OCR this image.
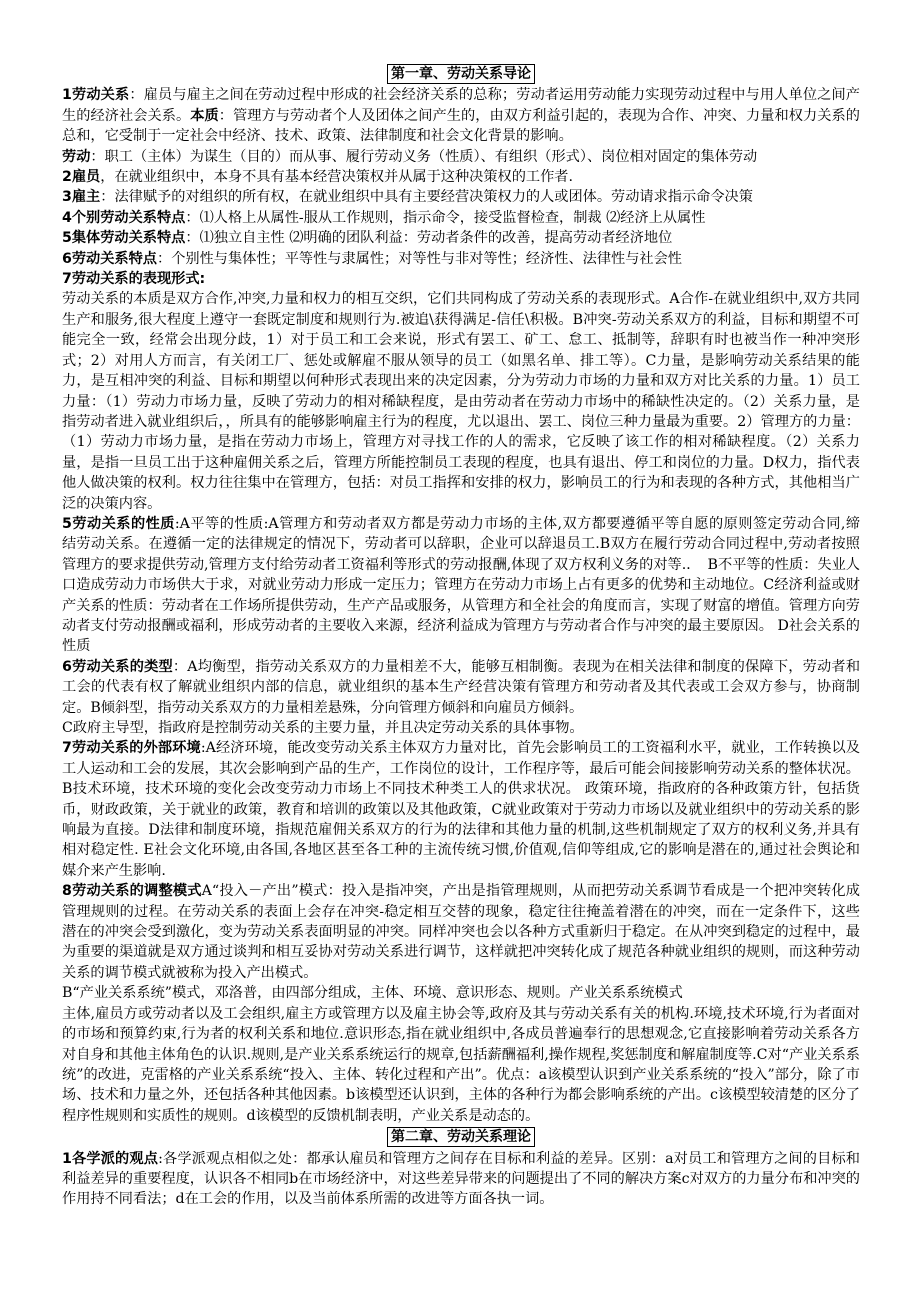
第一章、劳动关系导论

1劳动关系：雇员与雇主之间在劳动过程中形成的社会经济关系的总称；劳动者运用劳动能力实现劳动过程中与用人单位之间产生的经济社会关系。本质：管理方与劳动者个人及团体之间产生的，由双方利益引起的，表现为合作、冲突、力量和权力关系的总和，它受制于一定社会中经济、技术、政策、法律制度和社会文化背景的影响。

劳动：职工（主体）为谋生（目的）而从事、履行劳动义务（性质）、有组织（形式）、岗位相对固定的集体劳动

2雇员，在就业组织中，本身不具有基本经营决策权并从属于这种决策权的工作者.

3雇主：法律赋予的对组织的所有权，在就业组织中具有主要经营决策权力的人或团体。劳动请求指示命令决策

4个别劳动关系特点：⑴人格上从属性-服从工作规则，指示命令，接受监督检查，制裁 ⑵经济上从属性

5集体劳动关系特点：⑴独立自主性 ⑵明确的团队利益：劳动者条件的改善，提高劳动者经济地位

6劳动关系特点：个别性与集体性；平等性与隶属性；对等性与非对等性；经济性、法律性与社会性

7劳动关系的表现形式:

劳动关系的本质是双方合作,冲突,力量和权力的相互交织，它们共同构成了劳动关系的表现形式。A合作-在就业组织中,双方共同生产和服务,很大程度上遵守一套既定制度和规则行为.被追\获得满足-信任\积极。B冲突-劳动关系双方的利益，目标和期望不可能完全一致，经常会出现分歧，1）对于员工和工会来说，形式有罢工、矿工、怠工、抵制等，辞职有时也被当作一种冲突形式；2）对用人方而言，有关闭工厂、惩处或解雇不服从领导的员工（如黑名单、排工等）。C力量，是影响劳动关系结果的能力，是互相冲突的利益、目标和期望以何种形式表现出来的决定因素，分为劳动力市场的力量和双方对比关系的力量。1）员工力量：（1）劳动力市场力量，反映了劳动力的相对稀缺程度，是由劳动者在劳动力市场中的稀缺性决定的。（2）关系力量，是指劳动者进入就业组织后，，所具有的能够影响雇主行为的程度，尤以退出、罢工、岗位三种力量最为重要。2）管理方的力量：（1）劳动力市场力量，是指在劳动力市场上，管理方对寻找工作的人的需求，它反映了该工作的相对稀缺程度。（2）关系力量，是指一旦员工出于这种雇佣关系之后，管理方所能控制员工表现的程度，也具有退出、停工和岗位的力量。D权力，指代表他人做决策的权利。权力往往集中在管理方，包括：对员工指挥和安排的权力，影响员工的行为和表现的各种方式，其他相当广泛的决策内容。

5劳动关系的性质:A平等的性质:A管理方和劳动者双方都是劳动力市场的主体,双方都要遵循平等自愿的原则签定劳动合同,缔　结劳动关系。在遵循一定的法律规定的情况下，劳动者可以辞职，企业可以辞退员工.B双方在履行劳动合同过程中,劳动者按照管理方的要求提供劳动,管理方支付给劳动者工资福利等形式的劳动报酬,体现了双方权利义务的对等.．　B不平等的性质：失业人口造成劳动力市场供大于求，对就业劳动力形成一定压力；管理方在劳动力市场上占有更多的优势和主动地位。C经济利益或财产关系的性质：劳动者在工作场所提供劳动，生产产品或服务，从管理方和全社会的角度而言，实现了财富的增值。管理方向劳动者支付劳动报酬或福利，形成劳动者的主要收入来源，经济利益成为管理方与劳动者合作与冲突的最主要原因。 D社会关系的性质

6劳动关系的类型：A均衡型，指劳动关系双方的力量相差不大，能够互相制衡。表现为在相关法律和制度的保障下，劳动者和工会的代表有权了解就业组织内部的信息，就业组织的基本生产经营决策有管理方和劳动者及其代表或工会双方参与，协商制定。B倾斜型，指劳动关系双方的力量相差悬殊，分向管理方倾斜和向雇员方倾斜。

C政府主导型，指政府是控制劳动关系的主要力量，并且决定劳动关系的具体事物。

7劳动关系的外部环境:A经济环境，能改变劳动关系主体双方力量对比，首先会影响员工的工资福利水平，就业，工作转换以及工人运动和工会的发展，其次会影响到产品的生产，工作岗位的设计，工作程序等，最后可能会间接影响劳动关系的整体状况。 B技术环境，技术环境的变化会改变劳动力市场上不同技术种类工人的供求状况。 政策环境，指政府的各种政策方针，包括货币，财政政策，关于就业的政策，教育和培训的政策以及其他政策，C就业政策对于劳动力市场以及就业组织中的劳动关系的影响最为直接。D法律和制度环境，指规范雇佣关系双方的行为的法律和其他力量的机制,这些机制规定了双方的权利义务,并具有相对稳定性. E社会文化环境,由各国,各地区甚至各工种的主流传统习惯,价值观,信仰等组成,它的影响是潜在的,通过社会舆论和媒介来产生影响.

8劳动关系的调整模式A“投入－产出”模式：投入是指冲突，产出是指管理规则，从而把劳动关系调节看成是一个把冲突转化成管理规则的过程。在劳动关系的表面上会存在冲突-稳定相互交替的现象，稳定往往掩盖着潜在的冲突，而在一定条件下，这些潜在的冲突会受到激化，变为劳动关系表面明显的冲突。同样冲突也会以各种方式重新归于稳定。在从冲突到稳定的过程中，最为重要的渠道就是双方通过谈判和相互妥协对劳动关系进行调节，这样就把冲突转化成了规范各种就业组织的规则，而这种劳动关系的调节模式就被称为投入产出模式。

B“产业关系系统”模式，邓洛普，由四部分组成，主体、环境、意识形态、规则。产业关系系统模式

主体,雇员方或劳动者以及工会组织,雇主方或管理方以及雇主协会等,政府及其与劳动关系有关的机构.环境,技术环境,行为者面对的市场和预算约束,行为者的权利关系和地位.意识形态,指在就业组织中,各成员普遍奉行的思想观念,它直接影响着劳动关系各方对自身和其他主体角色的认识.规则,是产业关系系统运行的规章,包括薪酬福利,操作规程,奖惩制度和解雇制度等.C对“产业关系系统”的改进，克雷格的产业关系系统“投入、主体、转化过程和产出”。优点：a该模型认识到产业关系系统的“投入”部分，除了市场、技术和力量之外，还包括各种其他因素。b该模型还认识到，主体的各种行为都会影响系统的产出。c该模型较清楚的区分了程序性规则和实质性的规则。d该模型的反馈机制表明，产业关系是动态的。

第二章、劳动关系理论

1各学派的观点:各学派观点相似之处：都承认雇员和管理方之间存在目标和利益的差异。区别：a对员工和管理方之间的目标和利益差异的重要程度，认识各不相同b在市场经济中，对这些差异带来的问题提出了不同的解决方案c对双方的力量分布和冲突的作用持不同看法；d在工会的作用，以及当前体系所需的改进等方面各执一词。
